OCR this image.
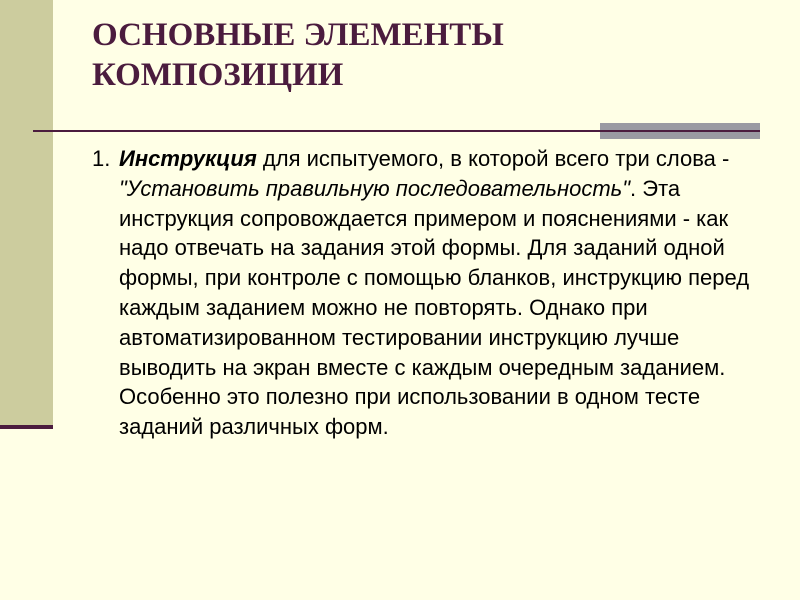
ОСНОВНЫЕ ЭЛЕМЕНТЫ
КОМПОЗИЦИИ

1. Инструкция для испытуемого, в которой всего три слова - "Установить правильную последовательность". Эта инструкция сопровождается примером и пояснениями - как надо отвечать на задания этой формы. Для заданий одной формы, при контроле с помощью бланков, инструкцию перед каждым заданием можно не повторять. Однако при автоматизированном тестировании инструкцию лучше выводить на экран вместе с каждым очередным заданием. Особенно это полезно при использовании в одном тесте заданий различных форм.
